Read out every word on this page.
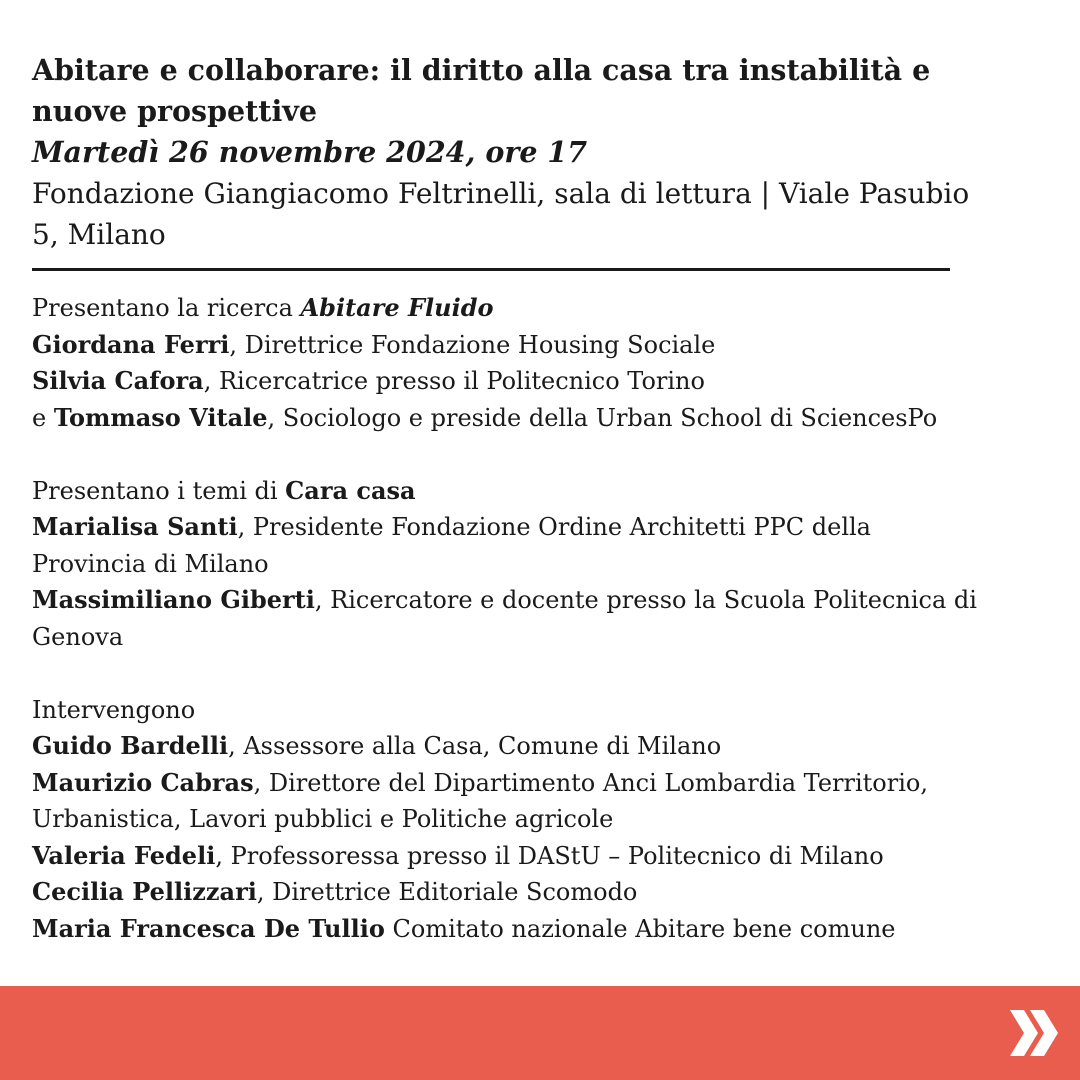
Abitare e collaborare: il diritto alla casa tra instabilità e nuove prospettive

Martedì 26 novembre 2024, ore 17

Fondazione Giangiacomo Feltrinelli, sala di lettura | Viale Pasubio 5, Milano

Presentano la ricerca Abitare Fluido

Giordana Ferri, Direttrice Fondazione Housing Sociale

Silvia Cafora, Ricercatrice presso il Politecnico Torino

e Tommaso Vitale, Sociologo e preside della Urban School di SciencesPo

Presentano i temi di Cara casa

Marialisa Santi, Presidente Fondazione Ordine Architetti PPC della Provincia di Milano

Massimiliano Giberti, Ricercatore e docente presso la Scuola Politecnica di Genova

Intervengono

Guido Bardelli, Assessore alla Casa, Comune di Milano

Maurizio Cabras, Direttore del Dipartimento Anci Lombardia Territorio, Urbanistica, Lavori pubblici e Politiche agricole

Valeria Fedeli, Professoressa presso il DAStU – Politecnico di Milano

Cecilia Pellizzari, Direttrice Editoriale Scomodo

Maria Francesca De Tullio Comitato nazionale Abitare bene comune
